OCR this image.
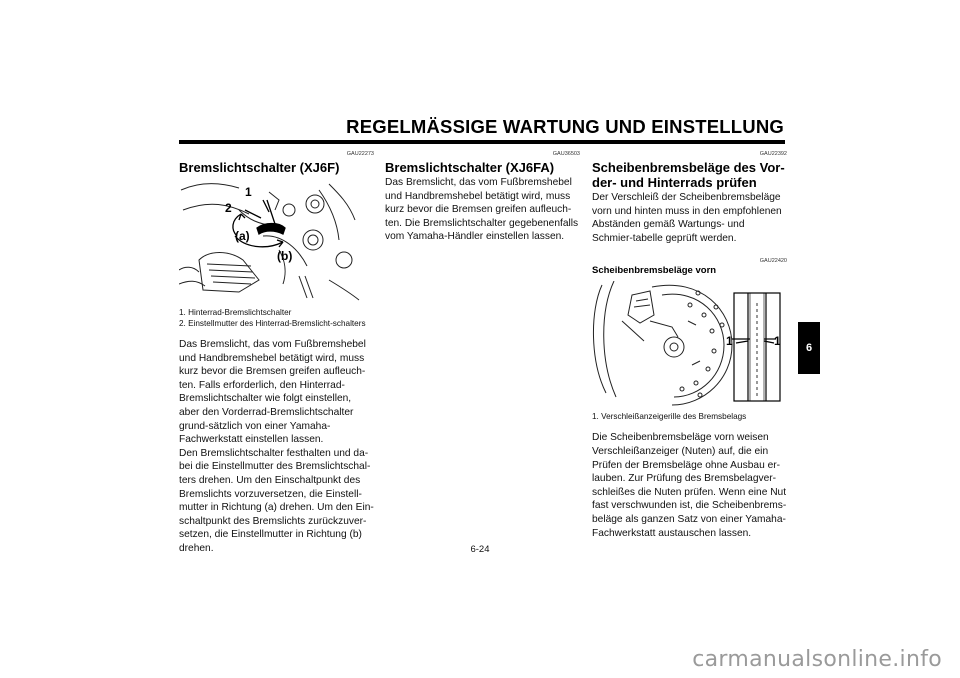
REGELMÄSSIGE WARTUNG UND EINSTELLUNG
GAU22273
Bremslichtschalter (XJ6F)
2
1
(a)
(b)
1. Hinterrad-Bremslichtschalter
2. Einstellmutter des Hinterrad-Bremslicht-schalters

Das Bremslicht, das vom Fußbremshebel und Handbremshebel betätigt wird, muss kurz bevor die Bremsen greifen aufleuch-ten. Falls erforderlich, den Hinterrad-Bremslichtschalter wie folgt einstellen, aber den Vorderrad-Bremslichtschalter grund-sätzlich von einer Yamaha-Fachwerkstatt einstellen lassen.

Den Bremslichtschalter festhalten und da-bei die Einstellmutter des Bremslichtschal-ters drehen. Um den Einschaltpunkt des Bremslichts vorzuversetzen, die Einstell-mutter in Richtung (a) drehen. Um den Ein-schaltpunkt des Bremslichts zurückzuver-setzen, die Einstellmutter in Richtung (b) drehen.

GAU36503
Bremslichtschalter (XJ6FA)

Das Bremslicht, das vom Fußbremshebel und Handbremshebel betätigt wird, muss kurz bevor die Bremsen greifen aufleuch-ten. Die Bremslichtschalter gegebenenfalls vom Yamaha-Händler einstellen lassen.

GAU22392
Scheibenbremsbeläge des Vor-der- und Hinterrads prüfen

Der Verschleiß der Scheibenbremsbeläge vorn und hinten muss in den empfohlenen Abständen gemäß Wartungs- und Schmier-tabelle geprüft werden.

GAU22420
Scheibenbremsbeläge vorn
1	1
1. Verschleißanzeigerille des Bremsbelags

Die Scheibenbremsbeläge vorn weisen Verschleißanzeiger (Nuten) auf, die ein Prüfen der Bremsbeläge ohne Ausbau er-lauben. Zur Prüfung des Bremsbelagver-schleißes die Nuten prüfen. Wenn eine Nut fast verschwunden ist, die Scheibenbrems-beläge als ganzen Satz von einer Yamaha-Fachwerkstatt austauschen lassen.

6
6-24
carmanualsonline.info
